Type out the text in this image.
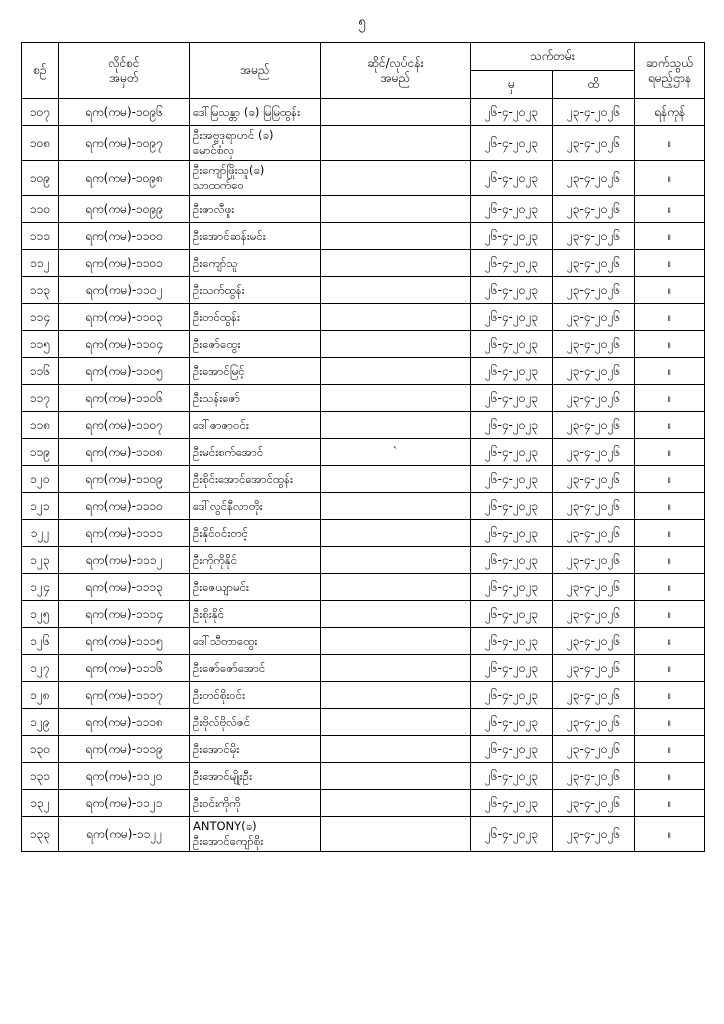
၅
စဉ်	လိုင်စင်
အမှတ်	အမည်	ဆိုင်/လုပ်ငန်း
အမည်	သက်တမ်း		ဆက်သွယ်
ရမည့်ဌာန

				မှ	ထိ	
၁၀၇	ရက(ကမ)-၁၀၉၆	ဒေါ်မြသန္တာ (ခ) မြမြထွန်း		၂၆-၄-၂၀၂၃	၂၃-၄-၂၀၂၆	ရန်ကုန်
၁၀၈	ရက(ကမ)-၁၀၉၇	ဦးအဗ္ဗဒုရာဟင် (ခ)
မောင်စံလှ		၂၆-၄-၂၀၂၃	၂၃-၄-၂၀၂၆	။
၁၀၉	ရက(ကမ)-၁၀၉၈	ဦးကျော်ဖြိုးသူ(ခ)
သာထက်ဝေ		၂၆-၄-၂၀၂၃	၂၃-၄-၂၀၂၆	။
၁၁၀	ရက(ကမ)-၁၀၉၉	ဦးဇာလီဖူး		၂၆-၄-၂၀၂၃	၂၃-၄-၂၀၂၆	။
၁၁၁	ရက(ကမ)-၁၁၀၀	ဦးအောင်ဆန်းမင်း		၂၆-၄-၂၀၂၃	၂၃-၄-၂၀၂၆	။
၁၁၂	ရက(ကမ)-၁၁၀၁	ဦးကျော်သူ		၂၆-၄-၂၀၂၃	၂၃-၄-၂၀၂၆	။
၁၁၃	ရက(ကမ)-၁၁၀၂	ဦးသက်ထွန်း		၂၆-၄-၂၀၂၃	၂၃-၄-၂၀၂၆	။
၁၁၄	ရက(ကမ)-၁၁၀၃	ဦးတင်ထွန်း		၂၆-၄-၂၀၂၃	၂၃-၄-၂၀၂၆	။
၁၁၅	ရက(ကမ)-၁၁၀၄	ဦးဇော်ထွေး		၂၆-၄-၂၀၂၃	၂၃-၄-၂၀၂၆	။
၁၁၆	ရက(ကမ)-၁၁၀၅	ဦးအောင်မြင့်		၂၆-၄-၂၀၂၃	၂၃-၄-၂၀၂၆	။
၁၁၇	ရက(ကမ)-၁၁၀၆	ဦးသန်းဇော်		၂၆-၄-၂၀၂၃	၂၃-၄-၂၀၂၆	။
၁၁၈	ရက(ကမ)-၁၁၀၇	ဒေါ်ဇာဇာဝင်း		၂၆-၄-၂၀၂၃	၂၃-၄-၂၀၂၆	။
၁၁၉	ရက(ကမ)-၁၁၀၈	ဦးမင်းစက်အောင်	`	၂၆-၄-၂၀၂၃	၂၃-၄-၂၀၂၆	။
၁၂၀	ရက(ကမ)-၁၁၀၉	ဦးစိုင်းအောင်အောင်ထွန်း		၂၆-၄-၂၀၂၃	၂၃-၄-၂၀၂၆	။
၁၂၁	ရက(ကမ)-၁၁၁၀	ဒေါ်လွင်နီလာတိုး		၂၆-၄-၂၀၂၃	၂၃-၄-၂၀၂၆	။
၁၂၂	ရက(ကမ)-၁၁၁၁	ဦးနိုင်ဝင်းတင့်		၂၆-၄-၂၀၂၃	၂၃-၄-၂၀၂၆	။
၁၂၃	ရက(ကမ)-၁၁၁၂	ဦးကိုကိုနိုင်		၂၆-၄-၂၀၂၃	၂၃-၄-၂၀၂၆	။
၁၂၄	ရက(ကမ)-၁၁၁၃	ဦးဇေယျာမင်း		၂၆-၄-၂၀၂၃	၂၃-၄-၂၀၂၆	။
၁၂၅	ရက(ကမ)-၁၁၁၄	ဦးစိုးနိုင်		၂၆-၄-၂၀၂၃	၂၃-၄-၂၀၂၆	။
၁၂၆	ရက(ကမ)-၁၁၁၅	ဒေါ်သီတာထွေး		၂၆-၄-၂၀၂၃	၂၃-၄-၂၀၂၆	။
၁၂၇	ရက(ကမ)-၁၁၁၆	ဦးဇော်ဇော်အောင်		၂၆-၄-၂၀၂၃	၂၃-၄-၂၀၂၆	။
၁၂၈	ရက(ကမ)-၁၁၁၇	ဦးတင်စိုးဝင်း		၂၆-၄-၂၀၂၃	၂၃-၄-၂၀၂၆	။
၁၂၉	ရက(ကမ)-၁၁၁၈	ဦးဗိုလ်ဗိုလ်ဇင်		၂၆-၄-၂၀၂၃	၂၃-၄-၂၀၂၆	။
၁၃၀	ရက(ကမ)-၁၁၁၉	ဦးအောင်မိုး		၂၆-၄-၂၀၂၃	၂၃-၄-၂၀၂၆	။
၁၃၁	ရက(ကမ)-၁၁၂၀	ဦးအောင်မျိုးဦး		၂၆-၄-၂၀၂၃	၂၃-၄-၂၀၂၆	။
၁၃၂	ရက(ကမ)-၁၁၂၁	ဦးဝင်းကိုကို		၂၆-၄-၂၀၂၃	၂၃-၄-၂၀၂၆	။
၁၃၃	ရက(ကမ)-၁၁၂၂	ANTONY(ခ)
ဦးအောင်ကျော်စိုး		၂၆-၄-၂၀၂၃	၂၃-၄-၂၀၂၆	။
